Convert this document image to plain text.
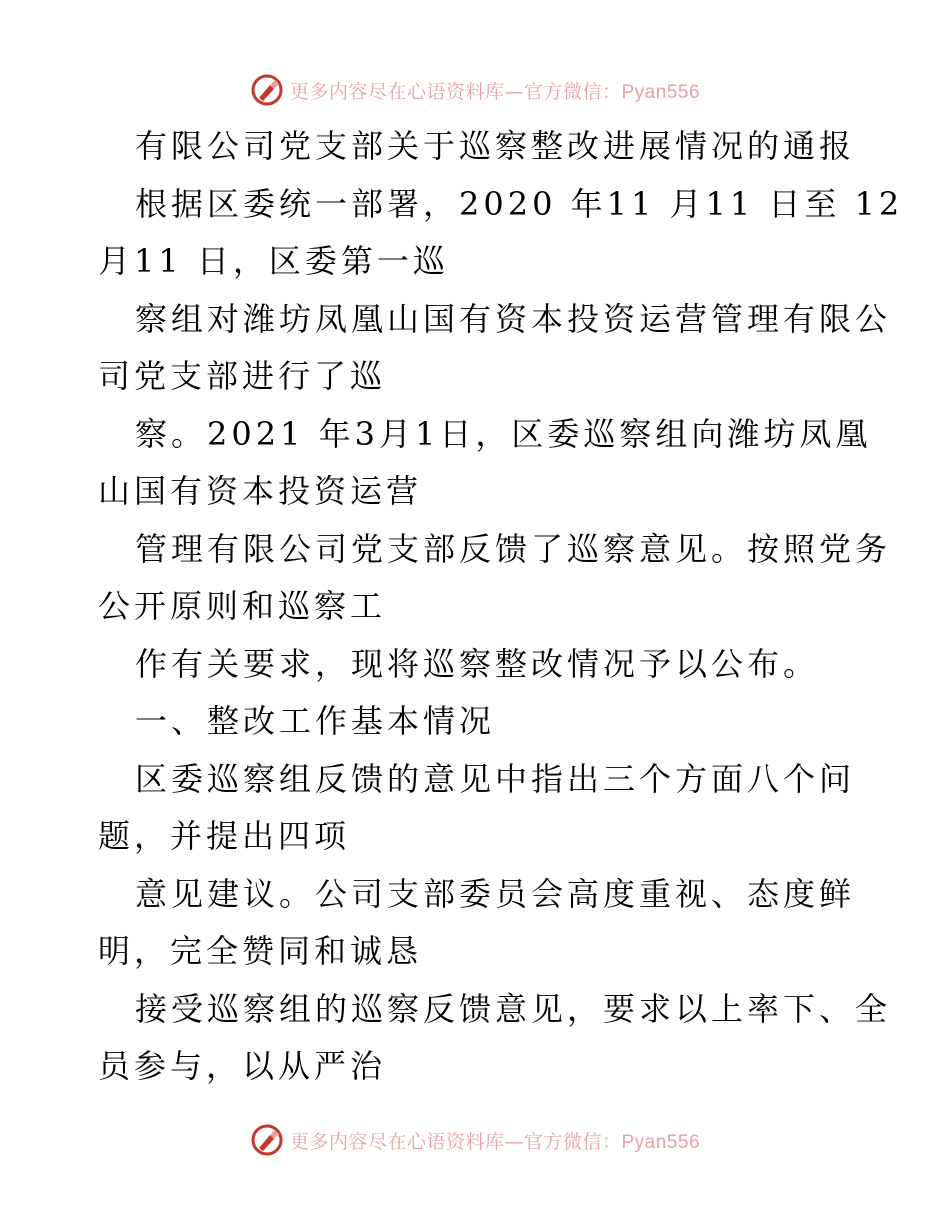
更多内容尽在心语资料库—官方微信：Pyan556
有限公司党支部关于巡察整改进展情况的通报
根据区委统一部署，2020 年11 月11 日至 12
月11 日，区委第一巡
察组对潍坊凤凰山国有资本投资运营管理有限公
司党支部进行了巡
察。2021 年3月1日，区委巡察组向潍坊凤凰
山国有资本投资运营
管理有限公司党支部反馈了巡察意见。按照党务
公开原则和巡察工
作有关要求，现将巡察整改情况予以公布。
一、整改工作基本情况
区委巡察组反馈的意见中指出三个方面八个问
题，并提出四项
意见建议。公司支部委员会高度重视、态度鲜
明，完全赞同和诚恳
接受巡察组的巡察反馈意见，要求以上率下、全
员参与，以从严治
更多内容尽在心语资料库—官方微信：Pyan556
